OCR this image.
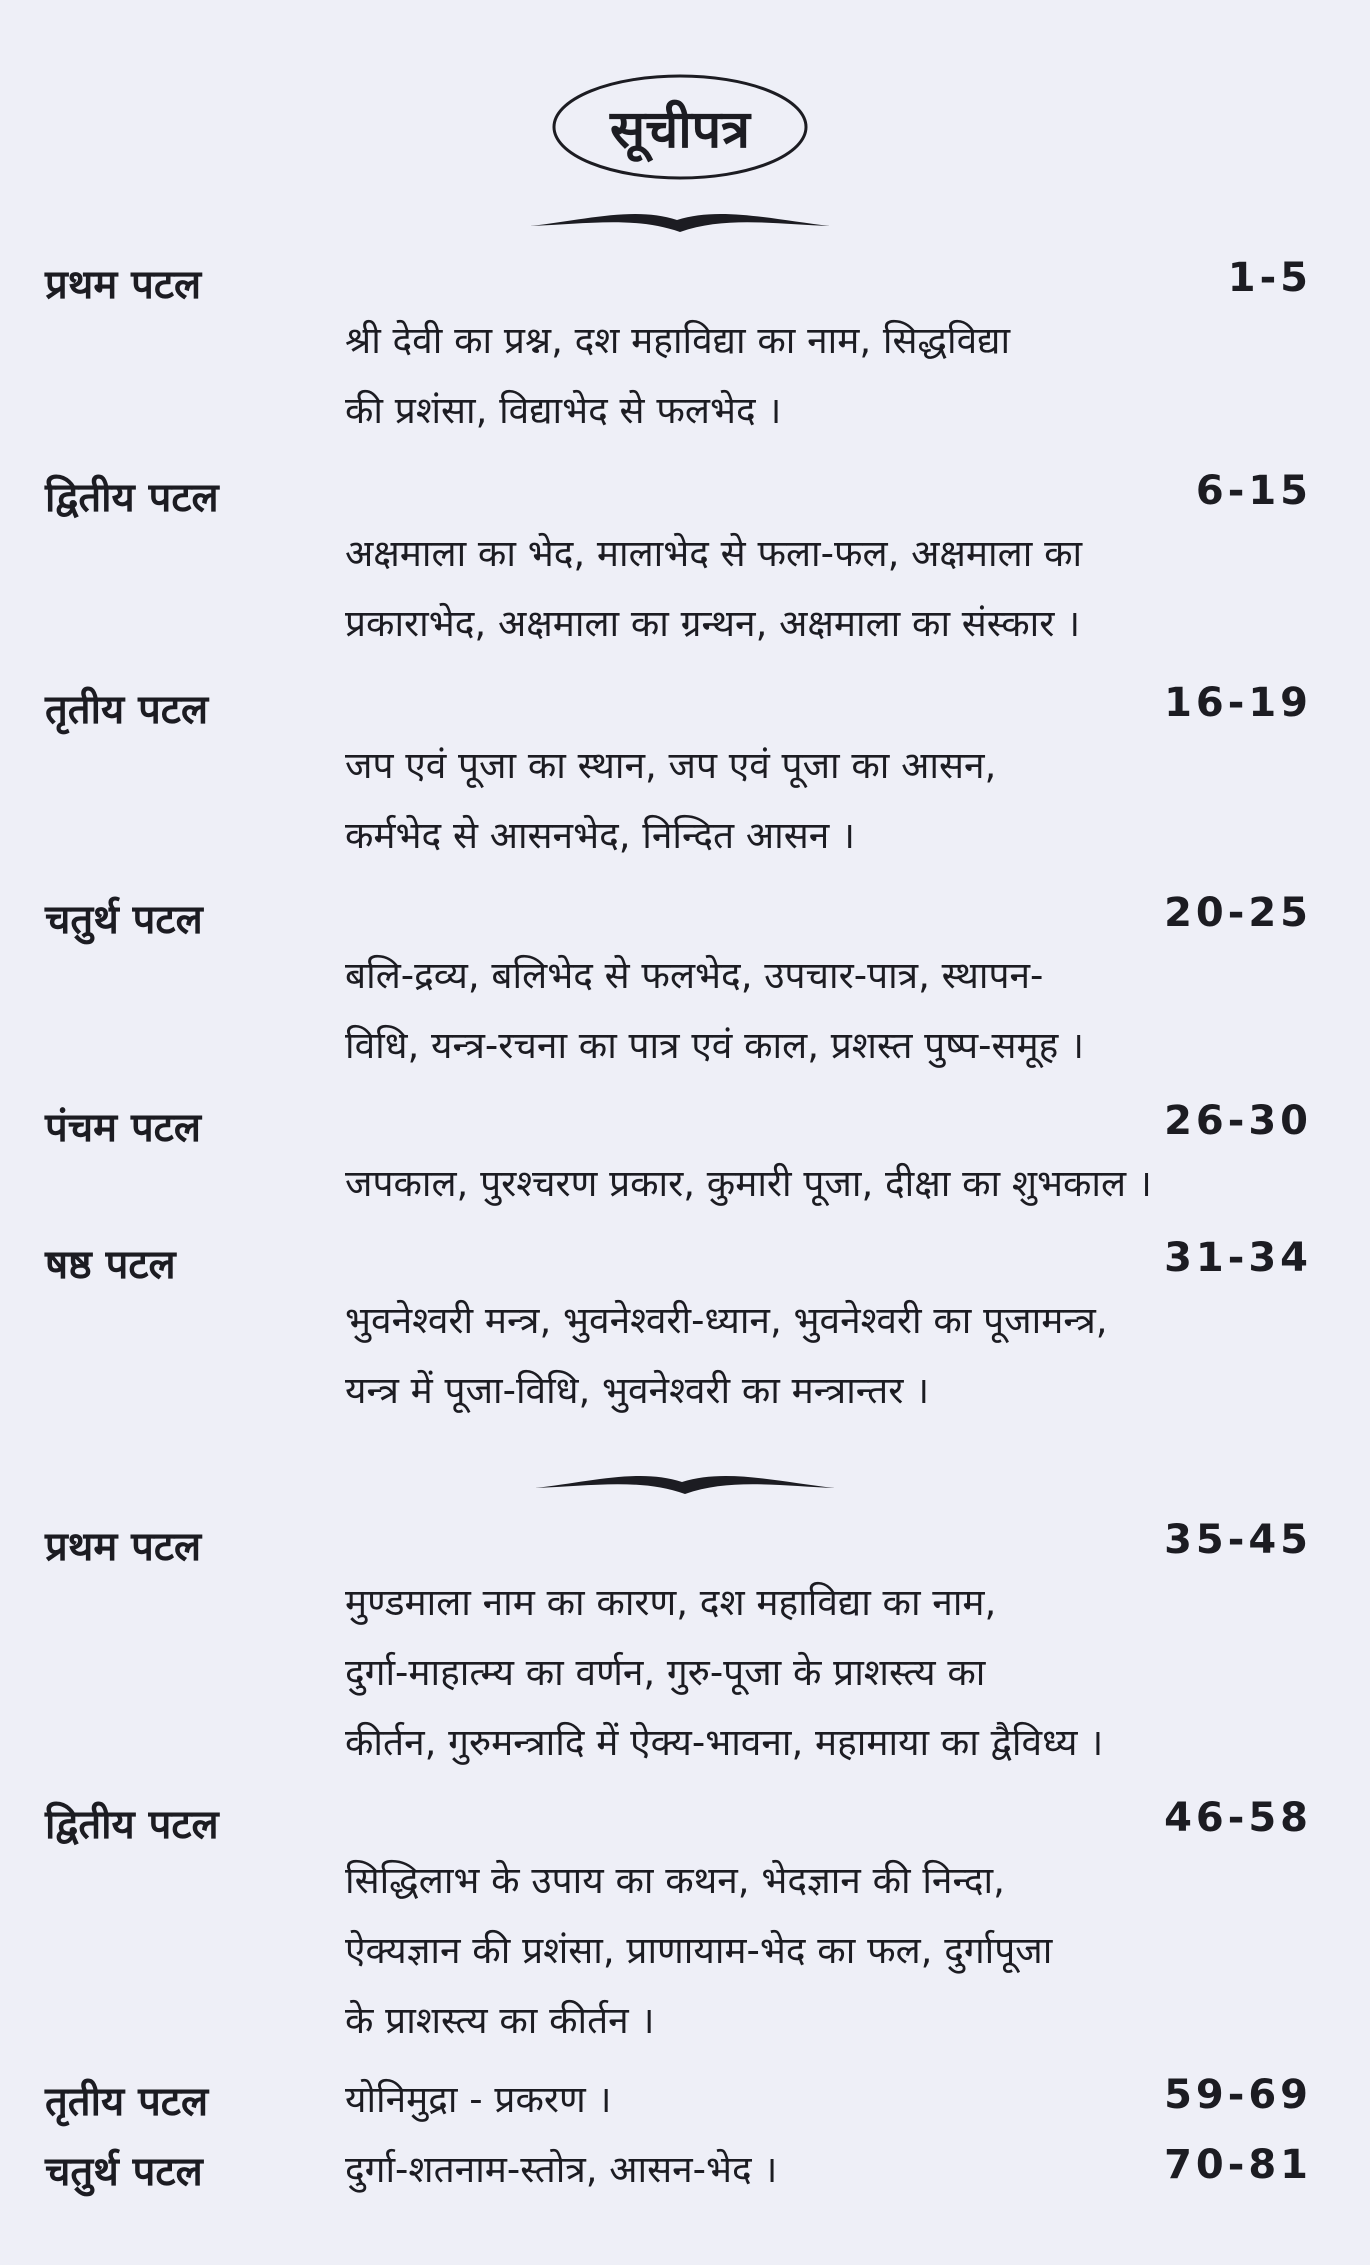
सूचीपत्र
प्रथम पटल	1-5
श्री देवी का प्रश्न, दश महाविद्या का नाम, सिद्धविद्या
की प्रशंसा, विद्याभेद से फलभेद ।
द्वितीय पटल	6-15
अक्षमाला का भेद, मालाभेद से फला-फल, अक्षमाला का
प्रकाराभेद, अक्षमाला का ग्रन्थन, अक्षमाला का संस्कार ।
तृतीय पटल	16-19
जप एवं पूजा का स्थान, जप एवं पूजा का आसन,
कर्मभेद से आसनभेद, निन्दित आसन ।
चतुर्थ पटल	20-25
बलि-द्रव्य, बलिभेद से फलभेद, उपचार-पात्र, स्थापन-
विधि, यन्त्र-रचना का पात्र एवं काल, प्रशस्त पुष्प-समूह ।
पंचम पटल	26-30
जपकाल, पुरश्चरण प्रकार, कुमारी पूजा, दीक्षा का शुभकाल ।
षष्ठ पटल	31-34
भुवनेश्वरी मन्त्र, भुवनेश्वरी-ध्यान, भुवनेश्वरी का पूजामन्त्र,
यन्त्र में पूजा-विधि, भुवनेश्वरी का मन्त्रान्तर ।
प्रथम पटल	35-45
मुण्डमाला नाम का कारण, दश महाविद्या का नाम,
दुर्गा-माहात्म्य का वर्णन, गुरु-पूजा के प्राशस्त्य का
कीर्तन, गुरुमन्त्रादि में ऐक्य-भावना, महामाया का द्वैविध्य ।
द्वितीय पटल	46-58
सिद्धिलाभ के उपाय का कथन, भेदज्ञान की निन्दा,
ऐक्यज्ञान की प्रशंसा, प्राणायाम-भेद का फल, दुर्गापूजा
के प्राशस्त्य का कीर्तन ।
तृतीय पटल	59-69
योनिमुद्रा - प्रकरण ।
चतुर्थ पटल	70-81
दुर्गा-शतनाम-स्तोत्र, आसन-भेद ।
